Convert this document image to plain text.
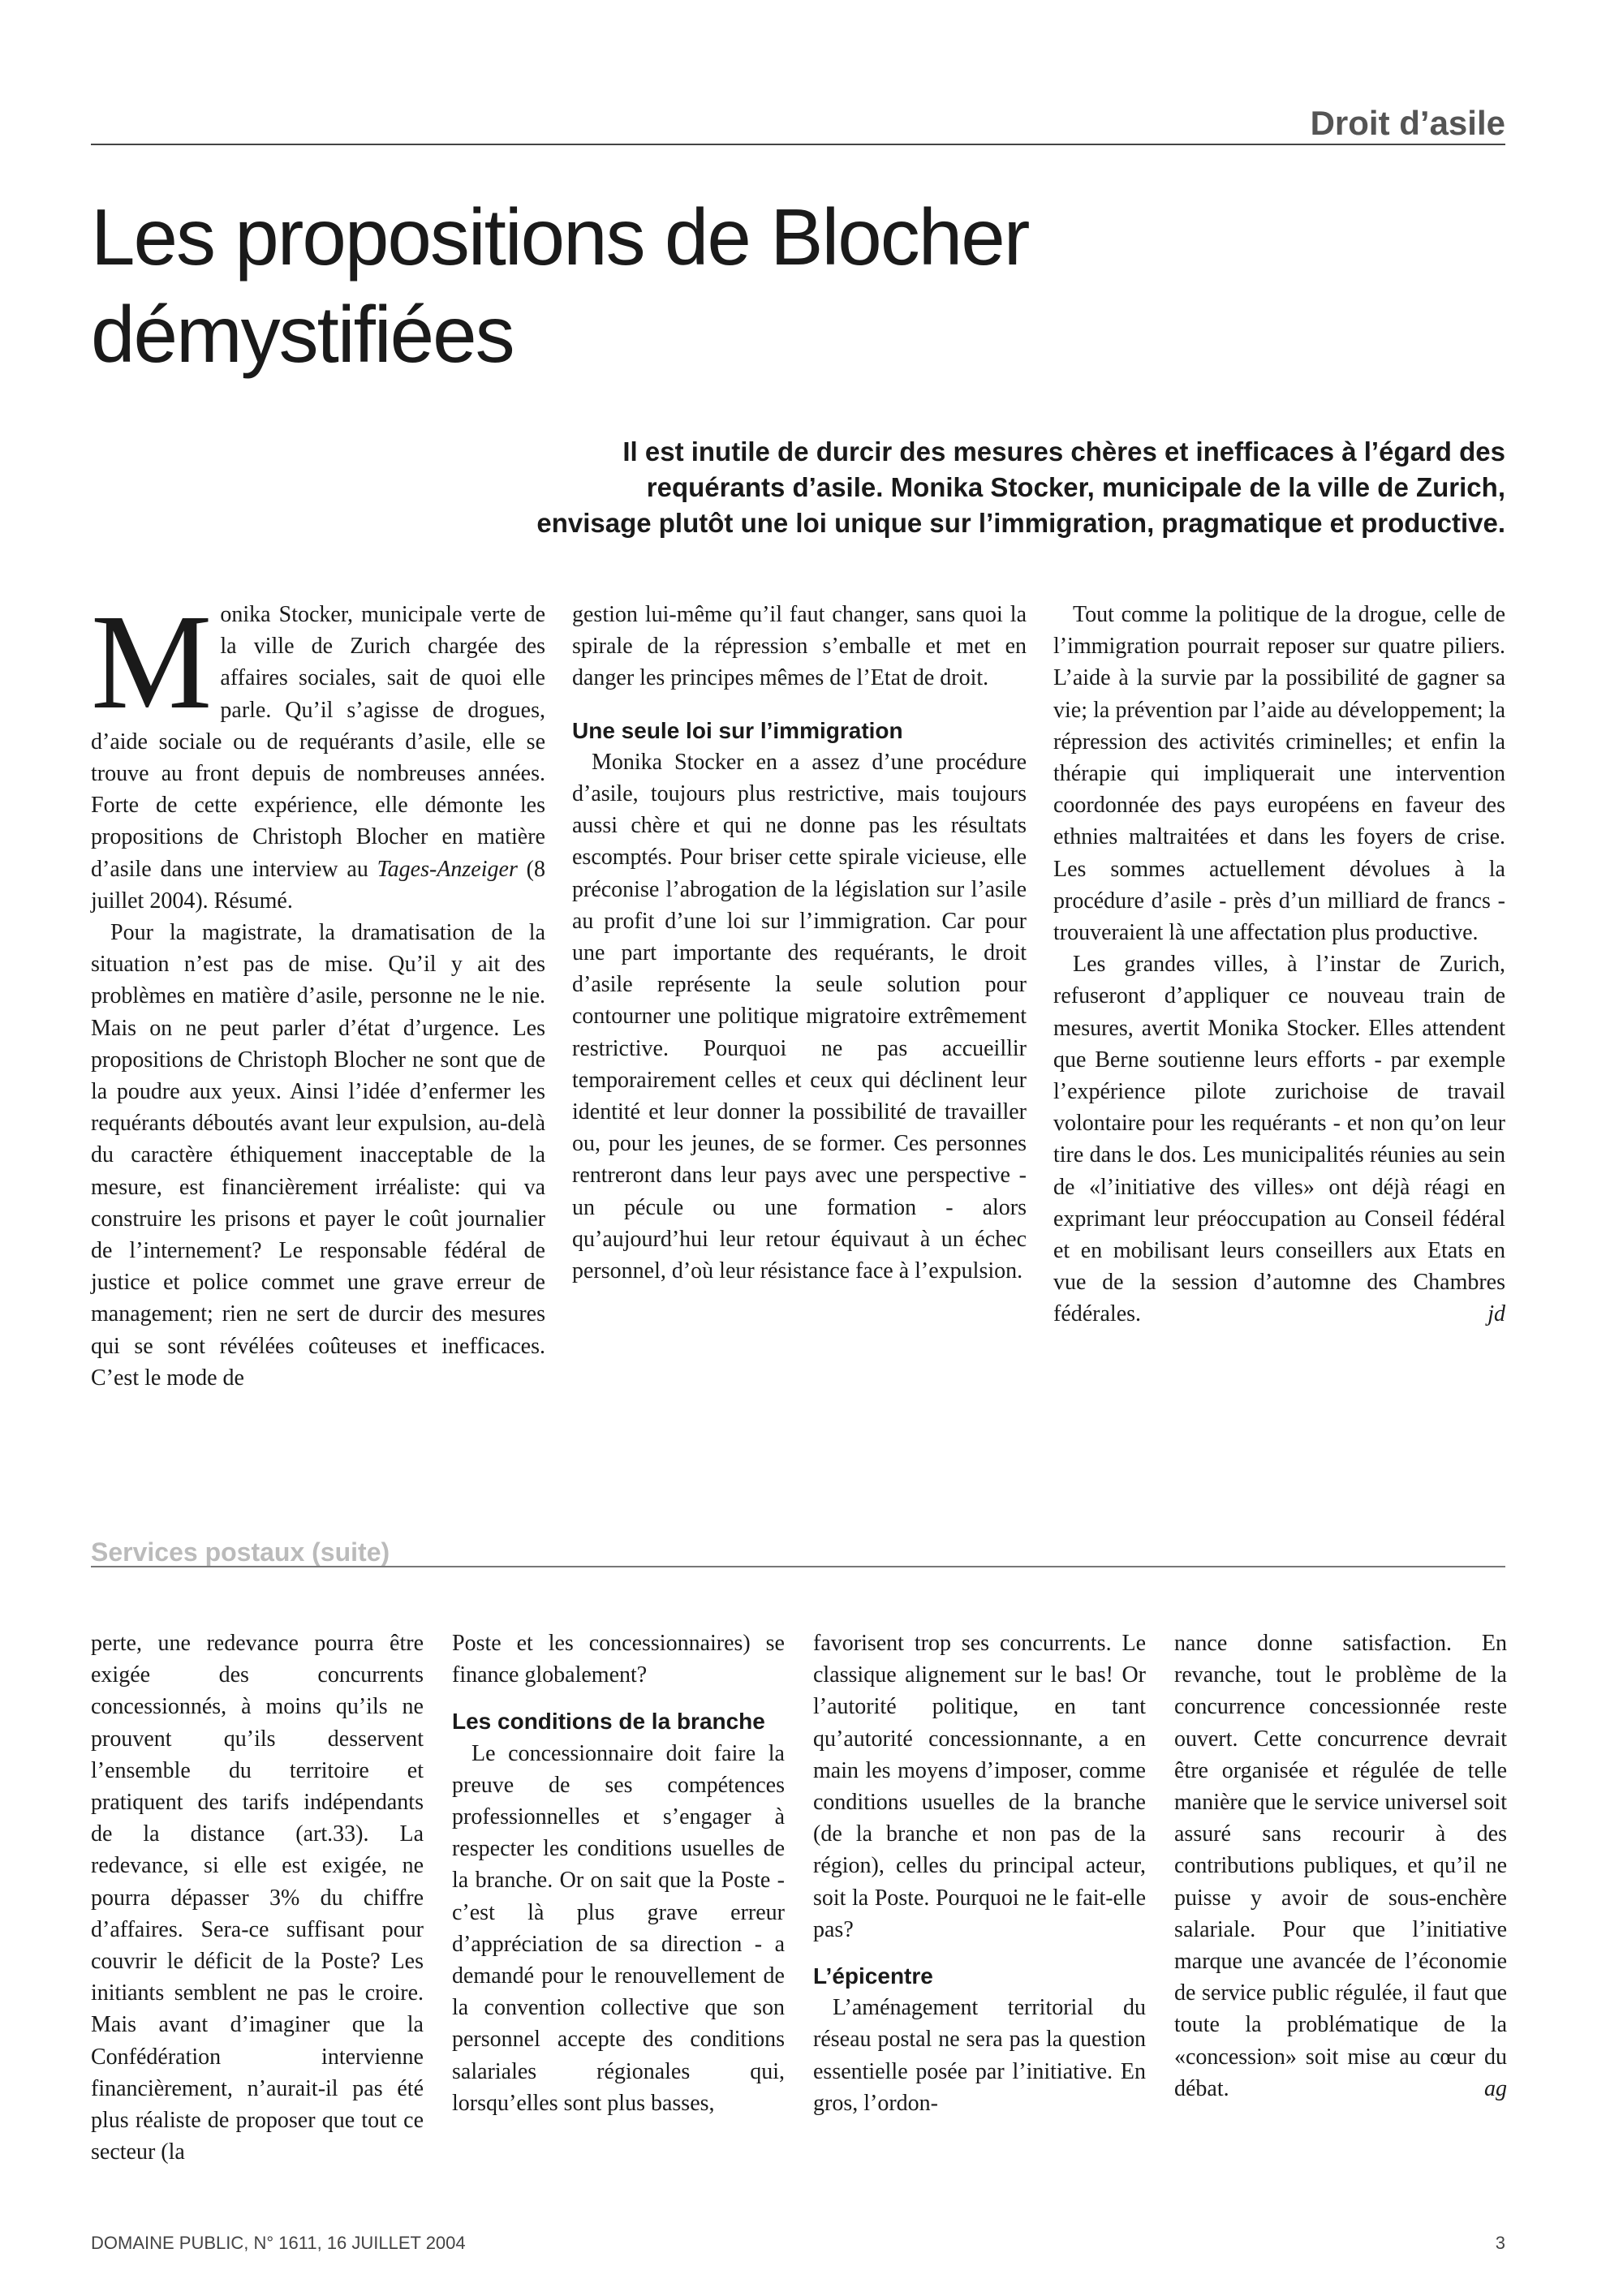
Droit d’asile
Les propositions de Blocher
démystifiées

Il est inutile de durcir des mesures chères et inefficaces à l’égard des
requérants d’asile. Monika Stocker, municipale de la ville de Zurich,
envisage plutôt une loi unique sur l’immigration, pragmatique et productive.

Monika Stocker, municipale verte de la ville de Zurich chargée des affaires sociales, sait de quoi elle parle. Qu’il s’agisse de drogues, d’aide sociale ou de requérants d’asile, elle se trouve au front depuis de nombreuses années. Forte de cette expérience, elle démonte les propositions de Christoph Blocher en matière d’asile dans une interview au Tages-Anzeiger (8 juillet 2004). Résumé.

Pour la magistrate, la dramatisation de la situation n’est pas de mise. Qu’il y ait des problèmes en matière d’asile, personne ne le nie. Mais on ne peut parler d’état d’urgence. Les propositions de Christoph Blocher ne sont que de la poudre aux yeux. Ainsi l’idée d’enfermer les requérants déboutés avant leur expulsion, au-delà du caractère éthiquement inacceptable de la mesure, est financièrement irréaliste: qui va construire les prisons et payer le coût journalier de l’internement? Le responsable fédéral de justice et police commet une grave erreur de management; rien ne sert de durcir des mesures qui se sont révélées coûteuses et inefficaces. C’est le mode de

gestion lui-même qu’il faut changer, sans quoi la spirale de la répression s’emballe et met en danger les principes mêmes de l’Etat de droit.

Une seule loi sur l’immigration

Monika Stocker en a assez d’une procédure d’asile, toujours plus restrictive, mais toujours aussi chère et qui ne donne pas les résultats escomptés. Pour briser cette spirale vicieuse, elle préconise l’abrogation de la législation sur l’asile au profit d’une loi sur l’immigration. Car pour une part importante des requérants, le droit d’asile représente la seule solution pour contourner une politique migratoire extrêmement restrictive. Pourquoi ne pas accueillir temporairement celles et ceux qui déclinent leur identité et leur donner la possibilité de travailler ou, pour les jeunes, de se former. Ces personnes rentreront dans leur pays avec une perspective - un pécule ou une formation - alors qu’aujourd’hui leur retour équivaut à un échec personnel, d’où leur résistance face à l’expulsion.

Tout comme la politique de la drogue, celle de l’immigration pourrait reposer sur quatre piliers. L’aide à la survie par la possibilité de gagner sa vie; la prévention par l’aide au développement; la répression des activités criminelles; et enfin la thérapie qui impliquerait une intervention coordonnée des pays européens en faveur des ethnies maltraitées et dans les foyers de crise. Les sommes actuellement dévolues à la procédure d’asile - près d’un milliard de francs - trouveraient là une affectation plus productive.

Les grandes villes, à l’instar de Zurich, refuseront d’appliquer ce nouveau train de mesures, avertit Monika Stocker. Elles attendent que Berne soutienne leurs efforts - par exemple l’expérience pilote zurichoise de travail volontaire pour les requérants - et non qu’on leur tire dans le dos. Les municipalités réunies au sein de «l’initiative des villes» ont déjà réagi en exprimant leur préoccupation au Conseil fédéral et en mobilisant leurs conseillers aux Etats en vue de la session d’automne des Chambres fédérales.	jd

Services postaux (suite)

perte, une redevance pourra être exigée des concurrents concessionnés, à moins qu’ils ne prouvent qu’ils desservent l’ensemble du territoire et pratiquent des tarifs indépendants de la distance (art.33). La redevance, si elle est exigée, ne pourra dépasser 3% du chiffre d’affaires. Sera-ce suffisant pour couvrir le déficit de la Poste? Les initiants semblent ne pas le croire. Mais avant d’imaginer que la Confédération intervienne financièrement, n’aurait-il pas été plus réaliste de proposer que tout ce secteur (la

Poste et les concessionnaires) se finance globalement?

Les conditions de la branche

Le concessionnaire doit faire la preuve de ses compétences professionnelles et s’engager à respecter les conditions usuelles de la branche. Or on sait que la Poste - c’est là plus grave erreur d’appréciation de sa direction - a demandé pour le renouvellement de la convention collective que son personnel accepte des conditions salariales régionales qui, lorsqu’elles sont plus basses,

favorisent trop ses concurrents. Le classique alignement sur le bas! Or l’autorité politique, en tant qu’autorité concessionnante, a en main les moyens d’imposer, comme conditions usuelles de la branche (de la branche et non pas de la région), celles du principal acteur, soit la Poste. Pourquoi ne le fait-elle pas?

L’épicentre

L’aménagement territorial du réseau postal ne sera pas la question essentielle posée par l’initiative. En gros, l’ordon-

nance donne satisfaction. En revanche, tout le problème de la concurrence concessionnée reste ouvert. Cette concurrence devrait être organisée et régulée de telle manière que le service universel soit assuré sans recourir à des contributions publiques, et qu’il ne puisse y avoir de sous-enchère salariale. Pour que l’initiative marque une avancée de l’économie de service public régulée, il faut que toute la problématique de la «concession» soit mise au cœur du débat.	ag

DOMAINE PUBLIC, N° 1611, 16 JUILLET 2004	3
